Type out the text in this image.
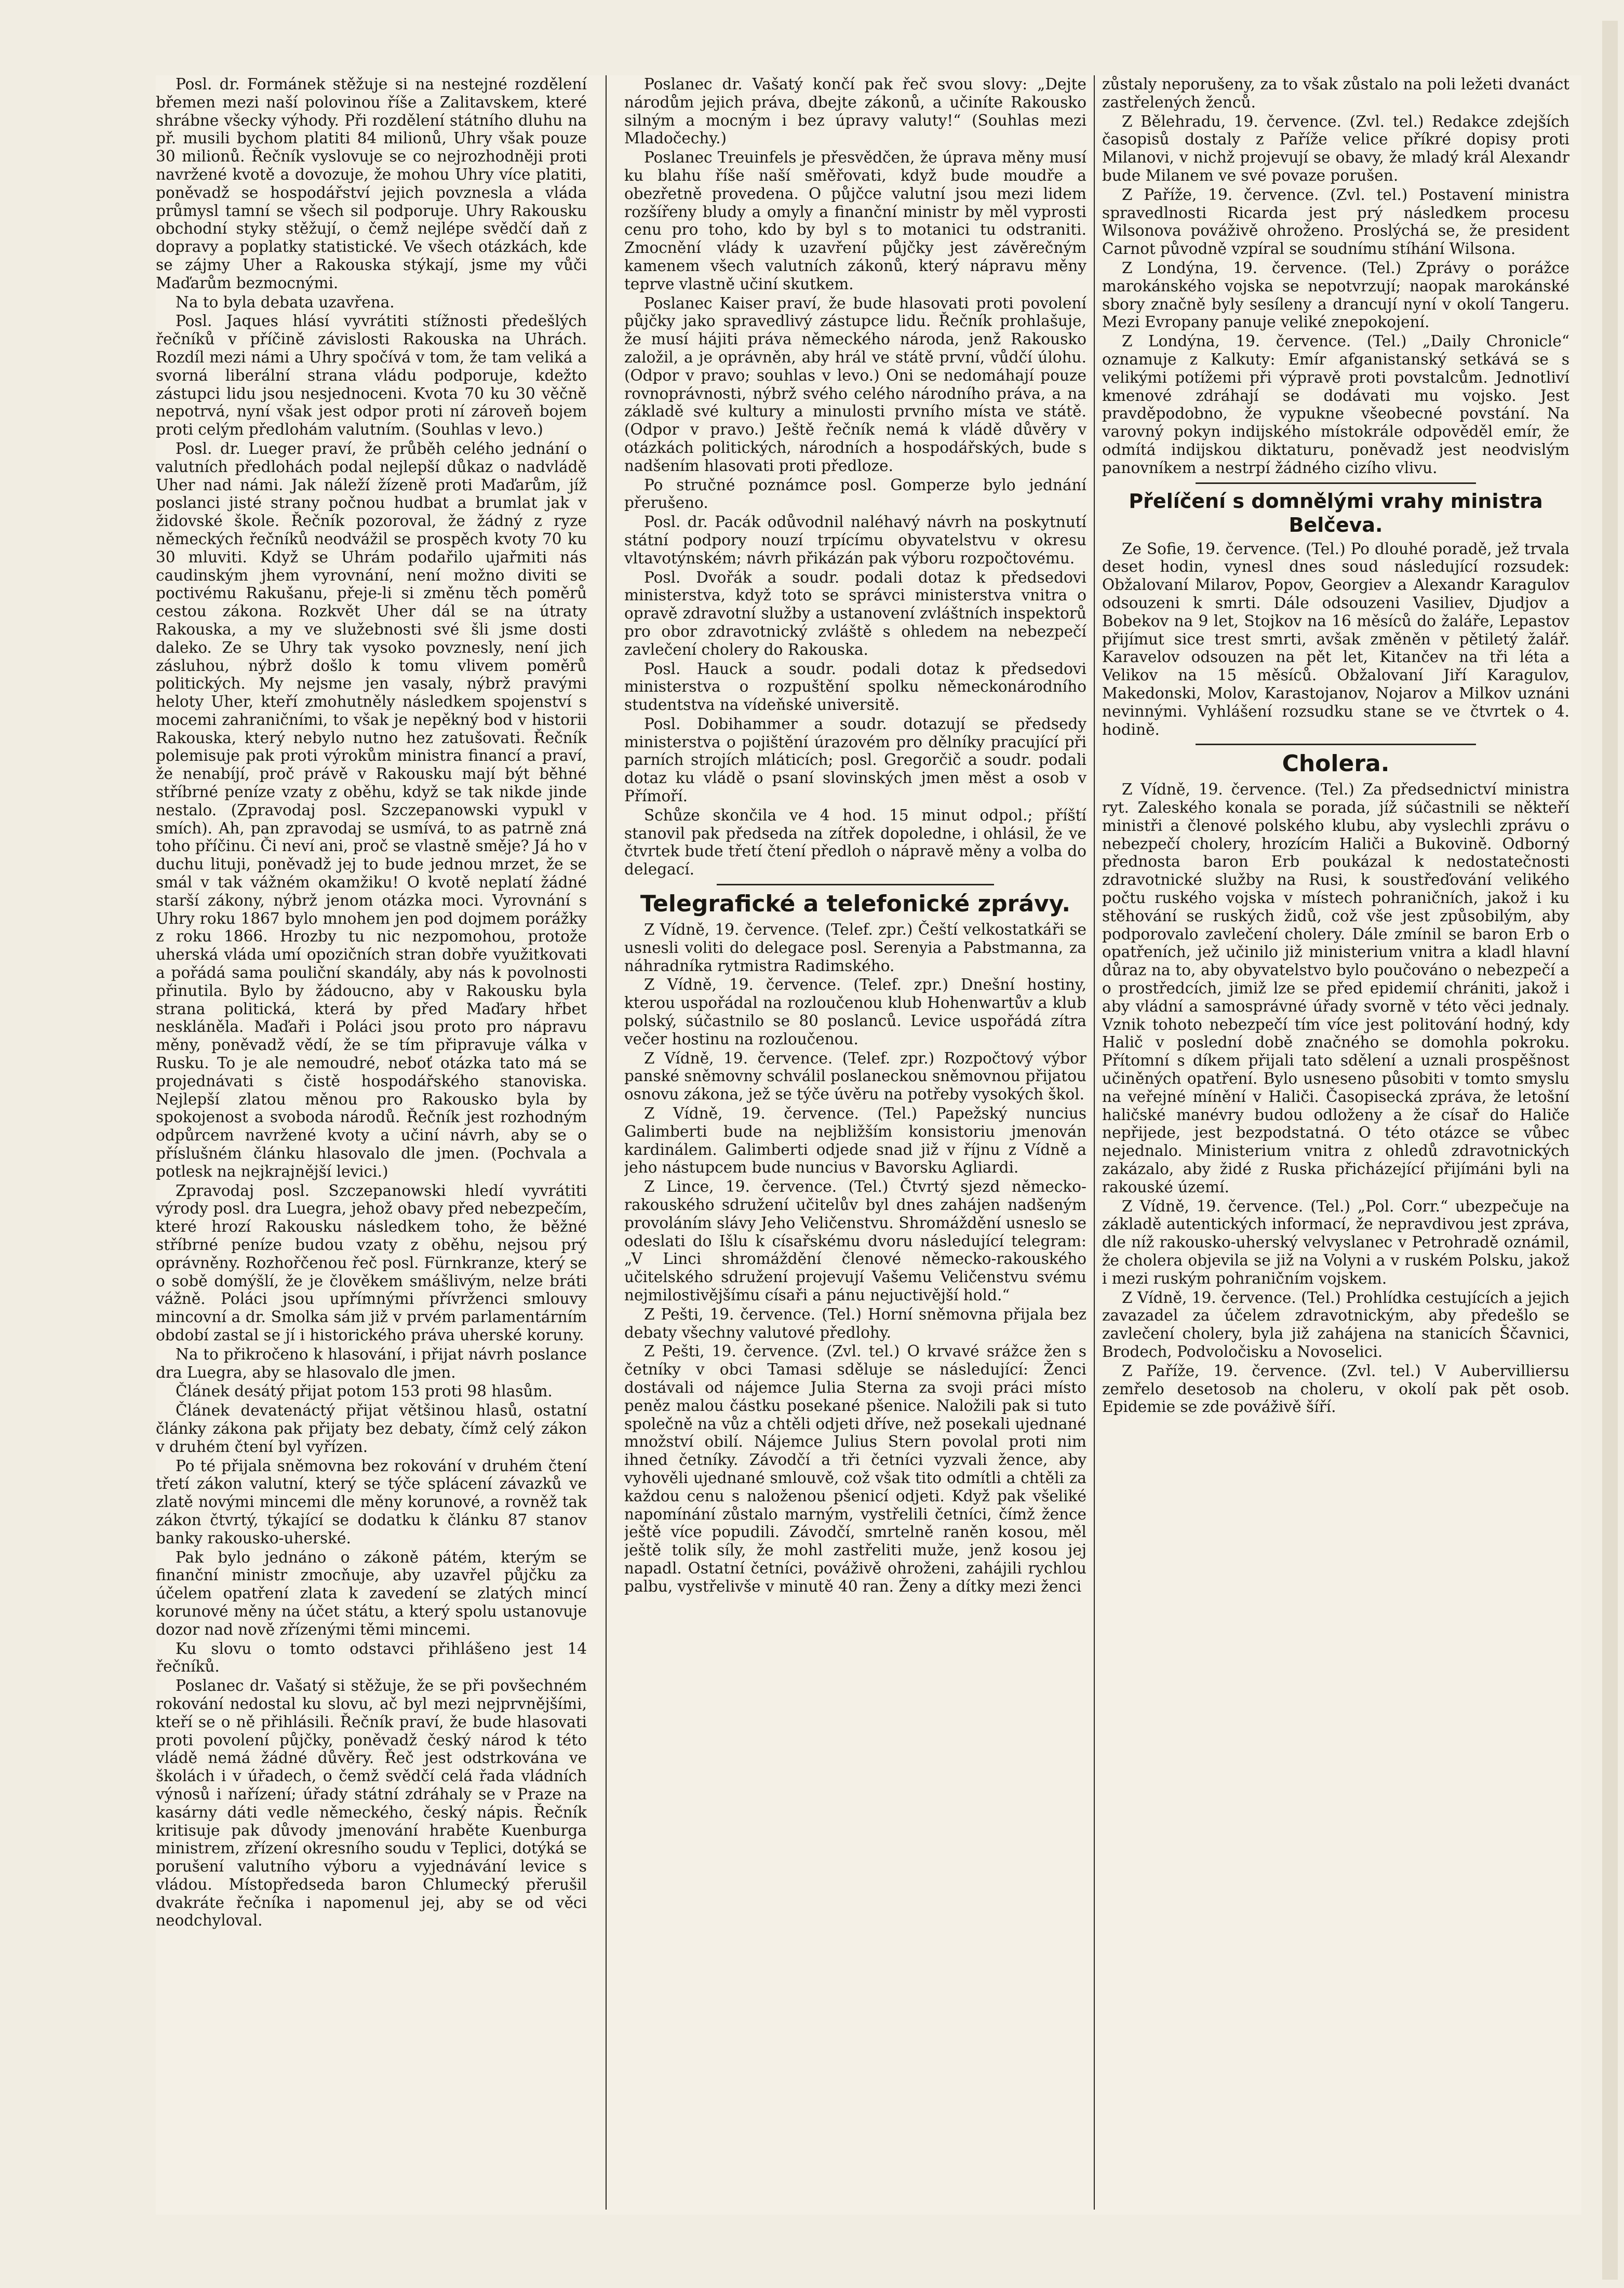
Posl. dr. Formánek stěžuje si na nestejné rozdělení břemen mezi naší polovinou říše a Zalitavskem, které shrábne všecky výhody. Při rozdělení státního dluhu na př. musili bychom platiti 84 milionů, Uhry však pouze 30 milionů. Řečník vyslovuje se co nejrozhodněji proti navržené kvotě a dovozuje, že mohou Uhry více platiti, poněvadž se hospodářství jejich povznesla a vláda průmysl tamní se všech sil podporuje. Uhry Rakousku obchodní styky stěžují, o čemž nejlépe svědčí daň z dopravy a poplatky statistické. Ve všech otázkách, kde se zájmy Uher a Rakouska stýkají, jsme my vůči Maďarům bezmocnými.

Na to byla debata uzavřena.

Posl. Jaques hlásí vyvrátiti stížnosti předešlých řečníků v příčině závislosti Rakouska na Uhrách. Rozdíl mezi námi a Uhry spočívá v tom, že tam veliká a svorná liberální strana vládu podporuje, kdežto zástupci lidu jsou nesjednoceni. Kvota 70 ku 30 věčně nepotrvá, nyní však jest odpor proti ní zároveň bojem proti celým předlohám valutním. (Souhlas v levo.)

Posl. dr. Lueger praví, že průběh celého jednání o valutních předlohách podal nejlepší důkaz o nadvládě Uher nad námi. Jak náleží žízeně proti Maďarům, jíž poslanci jisté strany počnou hudbat a brumlat jak v židovské škole. Řečník pozoroval, že žádný z ryze německých řečníků neodvážil se prospěch kvoty 70 ku 30 mluviti. Když se Uhrám podařilo ujařmiti nás caudinským jhem vyrovnání, není možno diviti se poctivému Rakušanu, přeje-li si změnu těch poměrů cestou zákona. Rozkvět Uher dál se na útraty Rakouska, a my ve služebnosti své šli jsme dosti daleko. Ze se Uhry tak vysoko povznesly, není jich zásluhou, nýbrž došlo k tomu vlivem poměrů politických. My nejsme jen vasaly, nýbrž pravými heloty Uher, kteří zmohutněly následkem spojenství s mocemi zahraničními, to však je nepěkný bod v historii Rakouska, který nebylo nutno hez zatušovati. Řečník polemisuje pak proti výrokům ministra financí a praví, že nenabíjí, proč právě v Rakousku mají být běhné stříbrné peníze vzaty z oběhu, když se tak nikde jinde nestalo. (Zpravodaj posl. Szczepanowski vypukl v smích). Ah, pan zpravodaj se usmívá, to as patrně zná toho příčinu. Či neví ani, proč se vlastně směje? Já ho v duchu lituji, poněvadž jej to bude jednou mrzet, že se smál v tak vážném okamžiku! O kvotě neplatí žádné starší zákony, nýbrž jenom otázka moci. Vyrovnání s Uhry roku 1867 bylo mnohem jen pod dojmem porážky z roku 1866. Hrozby tu nic nezpomohou, protože uherská vláda umí opozičních stran dobře využitkovati a pořádá sama pouliční skandály, aby nás k povolnosti přinutila. Bylo by žádoucno, aby v Rakousku byla strana politická, která by před Maďary hřbet neskláněla. Maďaři i Poláci jsou proto pro nápravu měny, poněvadž vědí, že se tím připravuje válka v Rusku. To je ale nemoudré, neboť otázka tato má se projednávati s čistě hospodářského stanoviska. Nejlepší zlatou měnou pro Rakousko byla by spokojenost a svoboda národů. Řečník jest rozhodným odpůrcem navržené kvoty a učiní návrh, aby se o příslušném článku hlasovalo dle jmen. (Pochvala a potlesk na nejkrajnější levici.)

Zpravodaj posl. Szczepanowski hledí vyvrátiti výrody posl. dra Luegra, jehož obavy před nebezpečím, které hrozí Rakousku následkem toho, že běžné stříbrné peníze budou vzaty z oběhu, nejsou prý oprávněny. Rozhořčenou řeč posl. Fürnkranze, který se o sobě domýšlí, že je člověkem smášlivým, nelze bráti vážně. Poláci jsou upřímnými přívrženci smlouvy mincovní a dr. Smolka sám již v prvém parlamentárním období zastal se jí i historického práva uherské koruny.

Na to přikročeno k hlasování, i přijat návrh poslance dra Luegra, aby se hlasovalo dle jmen.

Článek desátý přijat potom 153 proti 98 hlasům.

Článek devatenáctý přijat většinou hlasů, ostatní články zákona pak přijaty bez debaty, čímž celý zákon v druhém čtení byl vyřízen.

Po té přijala sněmovna bez rokování v druhém čtení třetí zákon valutní, který se týče splácení závazků ve zlatě novými mincemi dle měny korunové, a rovněž tak zákon čtvrtý, týkající se dodatku k článku 87 stanov banky rakousko-uherské.

Pak bylo jednáno o zákoně pátém, kterým se finanční ministr zmocňuje, aby uzavřel půjčku za účelem opatření zlata k zavedení se zlatých mincí korunové měny na účet státu, a který spolu ustanovuje dozor nad nově zřízenými těmi mincemi.

Ku slovu o tomto odstavci přihlášeno jest 14 řečníků.

Poslanec dr. Vašatý si stěžuje, že se při povšechném rokování nedostal ku slovu, ač byl mezi nejprvnějšími, kteří se o ně přihlásili. Řečník praví, že bude hlasovati proti povolení půjčky, poněvadž český národ k této vládě nemá žádné důvěry. Řeč jest odstrkována ve školách i v úřadech, o čemž svědčí celá řada vládních výnosů i nařízení; úřady státní zdráhaly se v Praze na kasárny dáti vedle německého, český nápis. Řečník kritisuje pak důvody jmenování hraběte Kuenburga ministrem, zřízení okresního soudu v Teplici, dotýká se porušení valutního výboru a vyjednávání levice s vládou. Místopředseda baron Chlumecký přerušil dvakráte řečníka i napomenul jej, aby se od věci neodchyloval.

Poslanec dr. Vašatý končí pak řeč svou slovy: „Dejte národům jejich práva, dbejte zákonů, a učiníte Rakousko silným a mocným i bez úpravy valuty!“ (Souhlas mezi Mladočechy.)

Poslanec Treuinfels je přesvědčen, že úprava měny musí ku blahu říše naší směřovati, když bude moudře a obezřetně provedena. O půjčce valutní jsou mezi lidem rozšířeny bludy a omyly a finanční ministr by měl vyprosti cenu pro toho, kdo by byl s to motanici tu odstraniti. Zmocnění vlády k uzavření půjčky jest závěrečným kamenem všech valutních zákonů, který nápravu měny teprve vlastně učiní skutkem.

Poslanec Kaiser praví, že bude hlasovati proti povolení půjčky jako spravedlivý zástupce lidu. Řečník prohlašuje, že musí hájiti práva německého národa, jenž Rakousko založil, a je oprávněn, aby hrál ve státě první, vůdčí úlohu. (Odpor v pravo; souhlas v levo.) Oni se nedomáhají pouze rovnoprávnosti, nýbrž svého celého národního práva, a na základě své kultury a minulosti prvního místa ve státě. (Odpor v pravo.) Ještě řečník nemá k vládě důvěry v otázkách politických, národních a hospodářských, bude s nadšením hlasovati proti předloze.

Po stručné poznámce posl. Gomperze bylo jednání přerušeno.

Posl. dr. Pacák odůvodnil naléhavý návrh na poskytnutí státní podpory nouzí trpícímu obyvatelstvu v okresu vltavotýnském; návrh přikázán pak výboru rozpočtovému.

Posl. Dvořák a soudr. podali dotaz k předsedovi ministerstva, když toto se správci ministerstva vnitra o opravě zdravotní služby a ustanovení zvláštních inspektorů pro obor zdravotnický zvláště s ohledem na nebezpečí zavlečení cholery do Rakouska.

Posl. Hauck a soudr. podali dotaz k předsedovi ministerstva o rozpuštění spolku německonárodního studentstva na vídeňské universitě.

Posl. Dobihammer a soudr. dotazují se předsedy ministerstva o pojištění úrazovém pro dělníky pracující při parních strojích mláticích; posl. Gregorčič a soudr. podali dotaz ku vládě o psaní slovinských jmen měst a osob v Přímoří.

Schůze skončila ve 4 hod. 15 minut odpol.; příští stanovil pak předseda na zítřek dopoledne, i ohlásil, že ve čtvrtek bude třetí čtení předloh o nápravě měny a volba do delegací.

Telegrafické a telefonické zprávy.

Z Vídně, 19. července. (Telef. zpr.) Čeští velkostatkáři se usnesli voliti do delegace posl. Serenyia a Pabstmanna, za náhradníka rytmistra Radimského.

Z Vídně, 19. července. (Telef. zpr.) Dnešní hostiny, kterou uspořádal na rozloučenou klub Hohenwartův a klub polský, súčastnilo se 80 poslanců. Levice uspořádá zítra večer hostinu na rozloučenou.

Z Vídně, 19. července. (Telef. zpr.) Rozpočtový výbor panské sněmovny schválil poslaneckou sněmovnou přijatou osnovu zákona, jež se týče úvěru na potřeby vysokých škol.

Z Vídně, 19. července. (Tel.) Papežský nuncius Galimberti bude na nejbližším konsistoriu jmenován kardinálem. Galimberti odjede snad již v říjnu z Vídně a jeho nástupcem bude nuncius v Bavorsku Agliardi.

Z Lince, 19. července. (Tel.) Čtvrtý sjezd německo-rakouského sdružení učitelův byl dnes zahájen nadšeným provoláním slávy Jeho Veličenstvu. Shromáždění usneslo se odeslati do Išlu k císařskému dvoru následující telegram: „V Linci shromáždění členové německo-rakouského učitelského sdružení projevují Vašemu Veličenstvu svému nejmilostivějšímu císaři a pánu nejuctivější hold.“

Z Pešti, 19. července. (Tel.) Horní sněmovna přijala bez debaty všechny valutové předlohy.

Z Pešti, 19. července. (Zvl. tel.) O krvavé srážce žen s četníky v obci Tamasi sděluje se následující: Ženci dostávali od nájemce Julia Sterna za svoji práci místo peněz malou částku posekané pšenice. Naložili pak si tuto společně na vůz a chtěli odjeti dříve, než posekali ujednané množství obilí. Nájemce Julius Stern povolal proti nim ihned četníky. Závodčí a tři četníci vyzvali žence, aby vyhověli ujednané smlouvě, což však tito odmítli a chtěli za každou cenu s naloženou pšenicí odjeti. Když pak všeliké napomínání zůstalo marným, vystřelili četníci, čímž žence ještě více popudili. Závodčí, smrtelně raněn kosou, měl ještě tolik síly, že mohl zastřeliti muže, jenž kosou jej napadl. Ostatní četníci, pováživě ohroženi, zahájili rychlou palbu, vystřelivše v minutě 40 ran. Ženy a dítky mezi ženci

zůstaly neporušeny, za to však zůstalo na poli ležeti dvanáct zastřelených ženců.

Z Bělehradu, 19. července. (Zvl. tel.) Redakce zdejších časopisů dostaly z Paříže velice příkré dopisy proti Milanovi, v nichž projevují se obavy, že mladý král Alexandr bude Milanem ve své povaze porušen.

Z Paříže, 19. července. (Zvl. tel.) Postavení ministra spravedlnosti Ricarda jest prý následkem procesu Wilsonova pováživě ohroženo. Proslýchá se, že president Carnot původně vzpíral se soudnímu stíhání Wilsona.

Z Londýna, 19. července. (Tel.) Zprávy o porážce marokánského vojska se nepotvrzují; naopak marokánské sbory značně byly sesíleny a drancují nyní v okolí Tangeru. Mezi Evropany panuje veliké znepokojení.

Z Londýna, 19. července. (Tel.) „Daily Chronicle“ oznamuje z Kalkuty: Emír afganistanský setkává se s velikými potížemi při výpravě proti povstalcům. Jednotliví kmenové zdráhají se dodávati mu vojsko. Jest pravděpodobno, že vypukne všeobecné povstání. Na varovný pokyn indijského místokrále odpověděl emír, že odmítá indijskou diktaturu, poněvadž jest neodvislým panovníkem a nestrpí žádného cizího vlivu.

Přelíčení s domnělými vrahy ministra Belčeva.

Ze Sofie, 19. července. (Tel.) Po dlouhé poradě, jež trvala deset hodin, vynesl dnes soud následující rozsudek: Obžalovaní Milarov, Popov, Georgiev a Alexandr Karagulov odsouzeni k smrti. Dále odsouzeni Vasiliev, Djudjov a Bobekov na 9 let, Stojkov na 16 měsíců do žaláře, Lepastov přijímut sice trest smrti, avšak změněn v pětiletý žalář. Karavelov odsouzen na pět let, Kitančev na tři léta a Velikov na 15 měsíců. Obžalovaní Jiří Karagulov, Makedonski, Molov, Karastojanov, Nojarov a Milkov uznáni nevinnými. Vyhlášení rozsudku stane se ve čtvrtek o 4. hodině.

Cholera.

Z Vídně, 19. července. (Tel.) Za předsednictví ministra ryt. Zaleského konala se porada, jíž súčastnili se někteří ministři a členové polského klubu, aby vyslechli zprávu o nebezpečí cholery, hrozícím Haliči a Bukovině. Odborný přednosta baron Erb poukázal k nedostatečnosti zdravotnické služby na Rusi, k soustřeďování velikého počtu ruského vojska v místech pohraničních, jakož i ku stěhování se ruských židů, což vše jest způsobilým, aby podporovalo zavlečení cholery. Dále zmínil se baron Erb o opatřeních, jež učinilo již ministerium vnitra a kladl hlavní důraz na to, aby obyvatelstvo bylo poučováno o nebezpečí a o prostředcích, jimiž lze se před epidemií chrániti, jakož i aby vládní a samosprávné úřady svorně v této věci jednaly. Vznik tohoto nebezpečí tím více jest politování hodný, kdy Halič v poslední době značného se domohla pokroku. Přítomní s díkem přijali tato sdělení a uznali prospěšnost učiněných opatření. Bylo usneseno působiti v tomto smyslu na veřejné mínění v Haliči. Časopisecká zpráva, že letošní haličské manévry budou odloženy a že císař do Haliče nepřijede, jest bezpodstatná. O této otázce se vůbec nejednalo. Ministerium vnitra z ohledů zdravotnických zakázalo, aby židé z Ruska přicházející přijímáni byli na rakouské území.

Z Vídně, 19. července. (Tel.) „Pol. Corr.“ ubezpečuje na základě autentických informací, že nepravdivou jest zpráva, dle níž rakousko-uherský velvyslanec v Petrohradě oznámil, že cholera objevila se již na Volyni a v ruském Polsku, jakož i mezi ruským pohraničním vojskem.

Z Vídně, 19. července. (Tel.) Prohlídka cestujících a jejich zavazadel za účelem zdravotnickým, aby předešlo se zavlečení cholery, byla již zahájena na stanicích Ščavnici, Brodech, Podvoločisku a Novoselici.

Z Paříže, 19. července. (Zvl. tel.) V Aubervilliersu zemřelo desetosob na choleru, v okolí pak pět osob. Epidemie se zde pováživě šíří.
